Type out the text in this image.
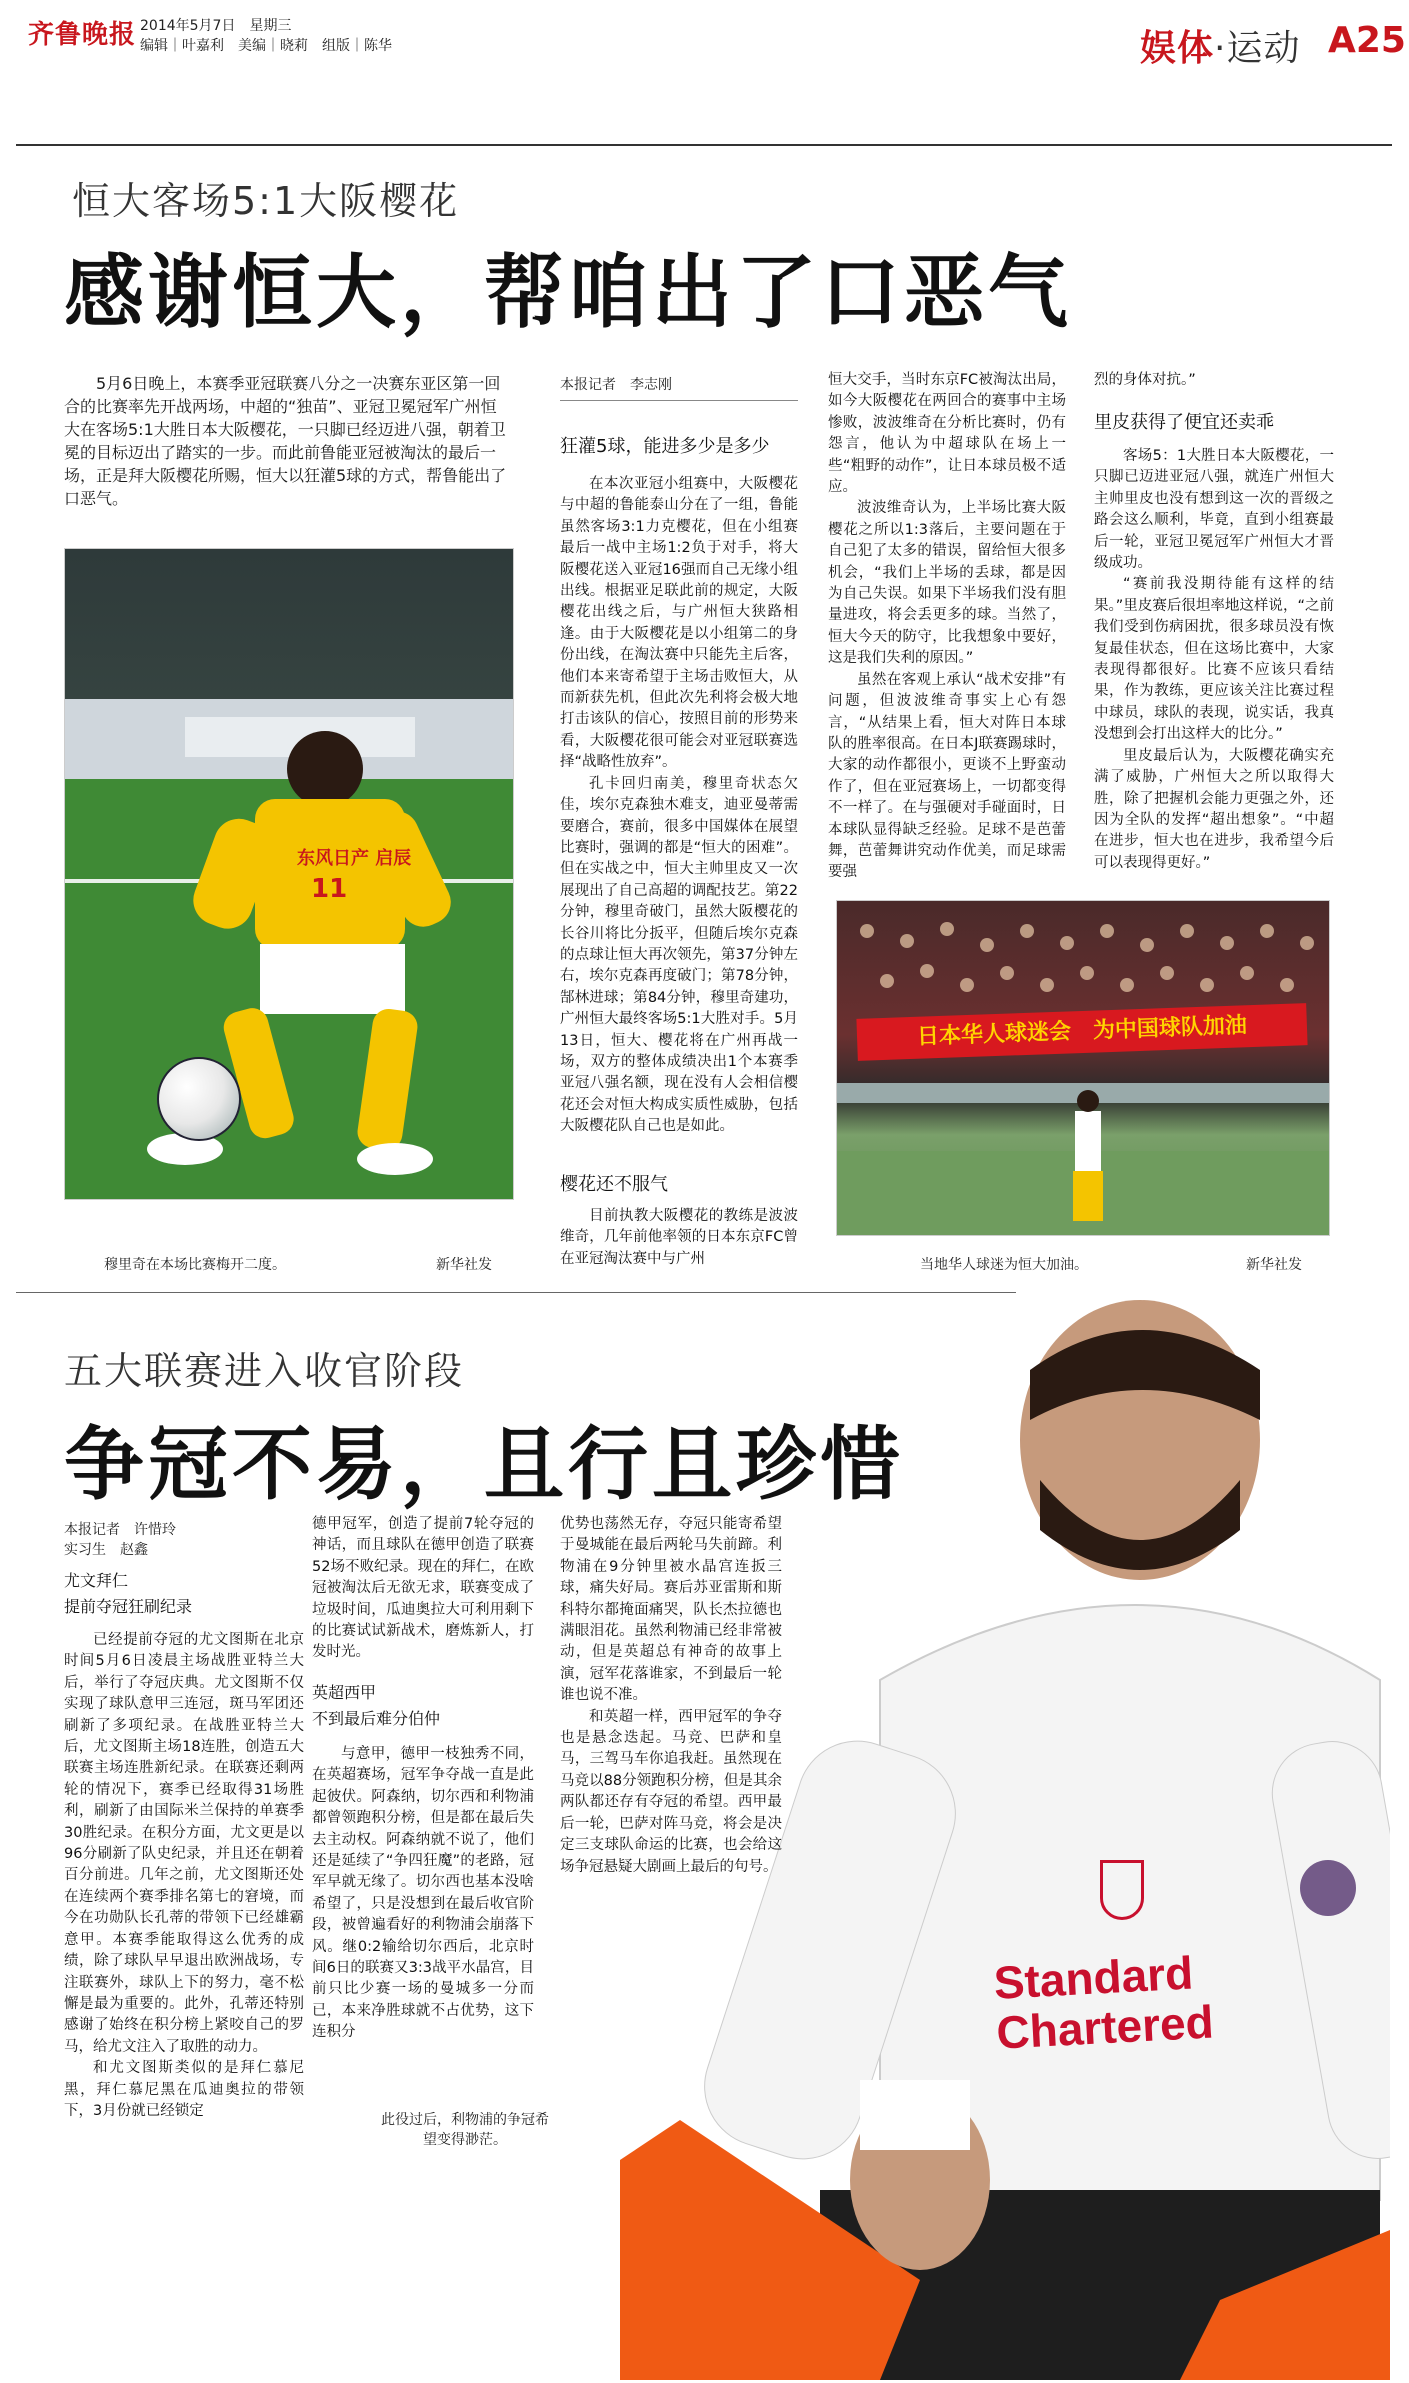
齐鲁晚报 2014年5月7日　星期三
编辑｜叶嘉利　美编｜晓莉　组版｜陈华	娱体·运动 A25
恒大客场5:1大阪樱花
感谢恒大，帮咱出了口恶气

5月6日晚上，本赛季亚冠联赛八分之一决赛东亚区第一回合的比赛率先开战两场，中超的“独苗”、亚冠卫冕冠军广州恒大在客场5:1大胜日本大阪樱花，一只脚已经迈进八强，朝着卫冕的目标迈出了踏实的一步。而此前鲁能亚冠被淘汰的最后一场，正是拜大阪樱花所赐，恒大以狂灌5球的方式，帮鲁能出了口恶气。

东风日产 启辰
11
穆里奇在本场比赛梅开二度。	新华社发
本报记者　李志刚
狂灌5球，能进多少是多少

在本次亚冠小组赛中，大阪樱花与中超的鲁能泰山分在了一组，鲁能虽然客场3:1力克樱花，但在小组赛最后一战中主场1:2负于对手，将大阪樱花送入亚冠16强而自己无缘小组出线。根据亚足联此前的规定，大阪樱花出线之后，与广州恒大狭路相逢。由于大阪樱花是以小组第二的身份出线，在淘汰赛中只能先主后客，他们本来寄希望于主场击败恒大，从而新获先机，但此次先利将会极大地打击该队的信心，按照目前的形势来看，大阪樱花很可能会对亚冠联赛选择“战略性放弃”。

孔卡回归南美，穆里奇状态欠佳，埃尔克森独木难支，迪亚曼蒂需要磨合，赛前，很多中国媒体在展望比赛时，强调的都是“恒大的困难”。但在实战之中，恒大主帅里皮又一次展现出了自己高超的调配技艺。第22分钟，穆里奇破门，虽然大阪樱花的长谷川将比分扳平，但随后埃尔克森的点球让恒大再次领先，第37分钟左右，埃尔克森再度破门；第78分钟，郜林进球；第84分钟，穆里奇建功，广州恒大最终客场5:1大胜对手。5月13日，恒大、樱花将在广州再战一场，双方的整体成绩决出1个本赛季亚冠八强名额，现在没有人会相信樱花还会对恒大构成实质性威胁，包括大阪樱花队自己也是如此。

樱花还不服气

目前执教大阪樱花的教练是波波维奇，几年前他率领的日本东京FC曾在亚冠淘汰赛中与广州

恒大交手，当时东京FC被淘汰出局，如今大阪樱花在两回合的赛事中主场惨败，波波维奇在分析比赛时，仍有怨言，他认为中超球队在场上一些“粗野的动作”，让日本球员极不适应。

波波维奇认为，上半场比赛大阪樱花之所以1:3落后，主要问题在于自己犯了太多的错误，留给恒大很多机会，“我们上半场的丢球，都是因为自己失误。如果下半场我们没有胆量进攻，将会丢更多的球。当然了，恒大今天的防守，比我想象中要好，这是我们失利的原因。”

虽然在客观上承认“战术安排”有问题，但波波维奇事实上心有怨言，“从结果上看，恒大对阵日本球队的胜率很高。在日本J联赛踢球时，大家的动作都很小，更谈不上野蛮动作了，但在亚冠赛场上，一切都变得不一样了。在与强硬对手碰面时，日本球队显得缺乏经验。足球不是芭蕾舞，芭蕾舞讲究动作优美，而足球需要强

烈的身体对抗。”

里皮获得了便宜还卖乖

客场5：1大胜日本大阪樱花，一只脚已迈进亚冠八强，就连广州恒大主帅里皮也没有想到这一次的晋级之路会这么顺利，毕竟，直到小组赛最后一轮，亚冠卫冕冠军广州恒大才晋级成功。

“赛前我没期待能有这样的结果。”里皮赛后很坦率地这样说，“之前我们受到伤病困扰，很多球员没有恢复最佳状态，但在这场比赛中，大家表现得都很好。比赛不应该只看结果，作为教练，更应该关注比赛过程中球员，球队的表现，说实话，我真没想到会打出这样大的比分。”

里皮最后认为，大阪樱花确实充满了威胁，广州恒大之所以取得大胜，除了把握机会能力更强之外，还因为全队的发挥“超出想象”。“中超在进步，恒大也在进步，我希望今后可以表现得更好。”

日本华人球迷会　为中国球队加油
当地华人球迷为恒大加油。	新华社发
五大联赛进入收官阶段
争冠不易，且行且珍惜
Standard Chartered
本报记者　许惜玲
实习生　赵鑫
尤文拜仁
提前夺冠狂刷纪录

已经提前夺冠的尤文图斯在北京时间5月6日凌晨主场战胜亚特兰大后，举行了夺冠庆典。尤文图斯不仅实现了球队意甲三连冠，斑马军团还刷新了多项纪录。在战胜亚特兰大后，尤文图斯主场18连胜，创造五大联赛主场连胜新纪录。在联赛还剩两轮的情况下，赛季已经取得31场胜利，刷新了由国际米兰保持的单赛季30胜纪录。在积分方面，尤文更是以96分刷新了队史纪录，并且还在朝着百分前进。几年之前，尤文图斯还处在连续两个赛季排名第七的窘境，而今在功勋队长孔蒂的带领下已经雄霸意甲。本赛季能取得这么优秀的成绩，除了球队早早退出欧洲战场，专注联赛外，球队上下的努力，毫不松懈是最为重要的。此外，孔蒂还特别感谢了始终在积分榜上紧咬自己的罗马，给尤文注入了取胜的动力。

和尤文图斯类似的是拜仁慕尼黑，拜仁慕尼黑在瓜迪奥拉的带领下，3月份就已经锁定

德甲冠军，创造了提前7轮夺冠的神话，而且球队在德甲创造了联赛52场不败纪录。现在的拜仁，在欧冠被淘汰后无欲无求，联赛变成了垃圾时间，瓜迪奥拉大可利用剩下的比赛试试新战术，磨炼新人，打发时光。

英超西甲
不到最后难分伯仲

与意甲，德甲一枝独秀不同，在英超赛场，冠军争夺战一直是此起彼伏。阿森纳，切尔西和利物浦都曾领跑积分榜，但是都在最后失去主动权。阿森纳就不说了，他们还是延续了“争四狂魔”的老路，冠军早就无缘了。切尔西也基本没啥希望了，只是没想到在最后收官阶段，被曾遍看好的利物浦会崩落下风。继0:2输给切尔西后，北京时间6日的联赛又3:3战平水晶宫，目前只比少赛一场的曼城多一分而已，本来净胜球就不占优势，这下连积分

优势也荡然无存，夺冠只能寄希望于曼城能在最后两轮马失前蹄。利物浦在9分钟里被水晶宫连扳三球，痛失好局。赛后苏亚雷斯和斯科特尔都掩面痛哭，队长杰拉德也满眼泪花。虽然利物浦已经非常被动，但是英超总有神奇的故事上演，冠军花落谁家，不到最后一轮谁也说不准。

和英超一样，西甲冠军的争夺也是悬念迭起。马竞、巴萨和皇马，三驾马车你追我赶。虽然现在马竞以88分领跑积分榜，但是其余两队都还存有夺冠的希望。西甲最后一轮，巴萨对阵马竞，将会是决定三支球队命运的比赛，也会给这场争冠悬疑大剧画上最后的句号。

此役过后，利物浦的争冠希望变得渺茫。
